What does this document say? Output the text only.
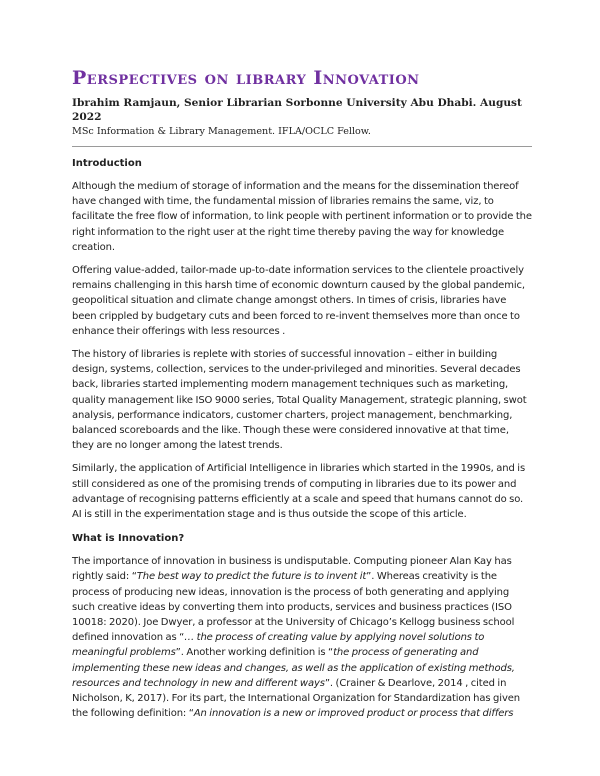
Perspectives on library Innovation

Ibrahim Ramjaun, Senior Librarian Sorbonne University Abu Dhabi. August 2022

MSc Information & Library Management. IFLA/OCLC Fellow.

Introduction

Although the medium of storage of information and the means for the dissemination thereof have changed with time, the fundamental mission of libraries remains the same, viz, to facilitate the free flow of information, to link people with pertinent information or to provide the right information to the right user at the right time thereby paving the way for knowledge creation.

Offering value-added, tailor-made up-to-date information services to the clientele proactively remains challenging in this harsh time of economic downturn caused by the global pandemic, geopolitical situation and climate change amongst others. In times of crisis, libraries have been crippled by budgetary cuts and been forced to re-invent themselves more than once to enhance their offerings with less resources .

The history of libraries is replete with stories of successful innovation – either in building design, systems, collection, services to the under-privileged and minorities. Several decades back, libraries started implementing modern management techniques such as marketing, quality management like ISO 9000 series, Total Quality Management, strategic planning, swot analysis, performance indicators, customer charters, project management, benchmarking, balanced scoreboards and the like. Though these were considered innovative at that time, they are no longer among the latest trends.

Similarly, the application of Artificial Intelligence in libraries which started in the 1990s, and is still considered as one of the promising trends of computing in libraries due to its power and advantage of recognising patterns efficiently at a scale and speed that humans cannot do so. AI is still in the experimentation stage and is thus outside the scope of this article.

What is Innovation?

The importance of innovation in business is undisputable. Computing pioneer Alan Kay has rightly said: “The best way to predict the future is to invent it”. Whereas creativity is the process of producing new ideas, innovation is the process of both generating and applying such creative ideas by converting them into products, services and business practices (ISO 10018: 2020). Joe Dwyer, a professor at the University of Chicago’s Kellogg business school defined innovation as “… the process of creating value by applying novel solutions to meaningful problems”. Another working definition is “the process of generating and implementing these new ideas and changes, as well as the application of existing methods, resources and technology in new and different ways”. (Crainer & Dearlove, 2014 , cited in Nicholson, K, 2017). For its part, the International Organization for Standardization has given the following definition: “An innovation is a new or improved product or process that differs
